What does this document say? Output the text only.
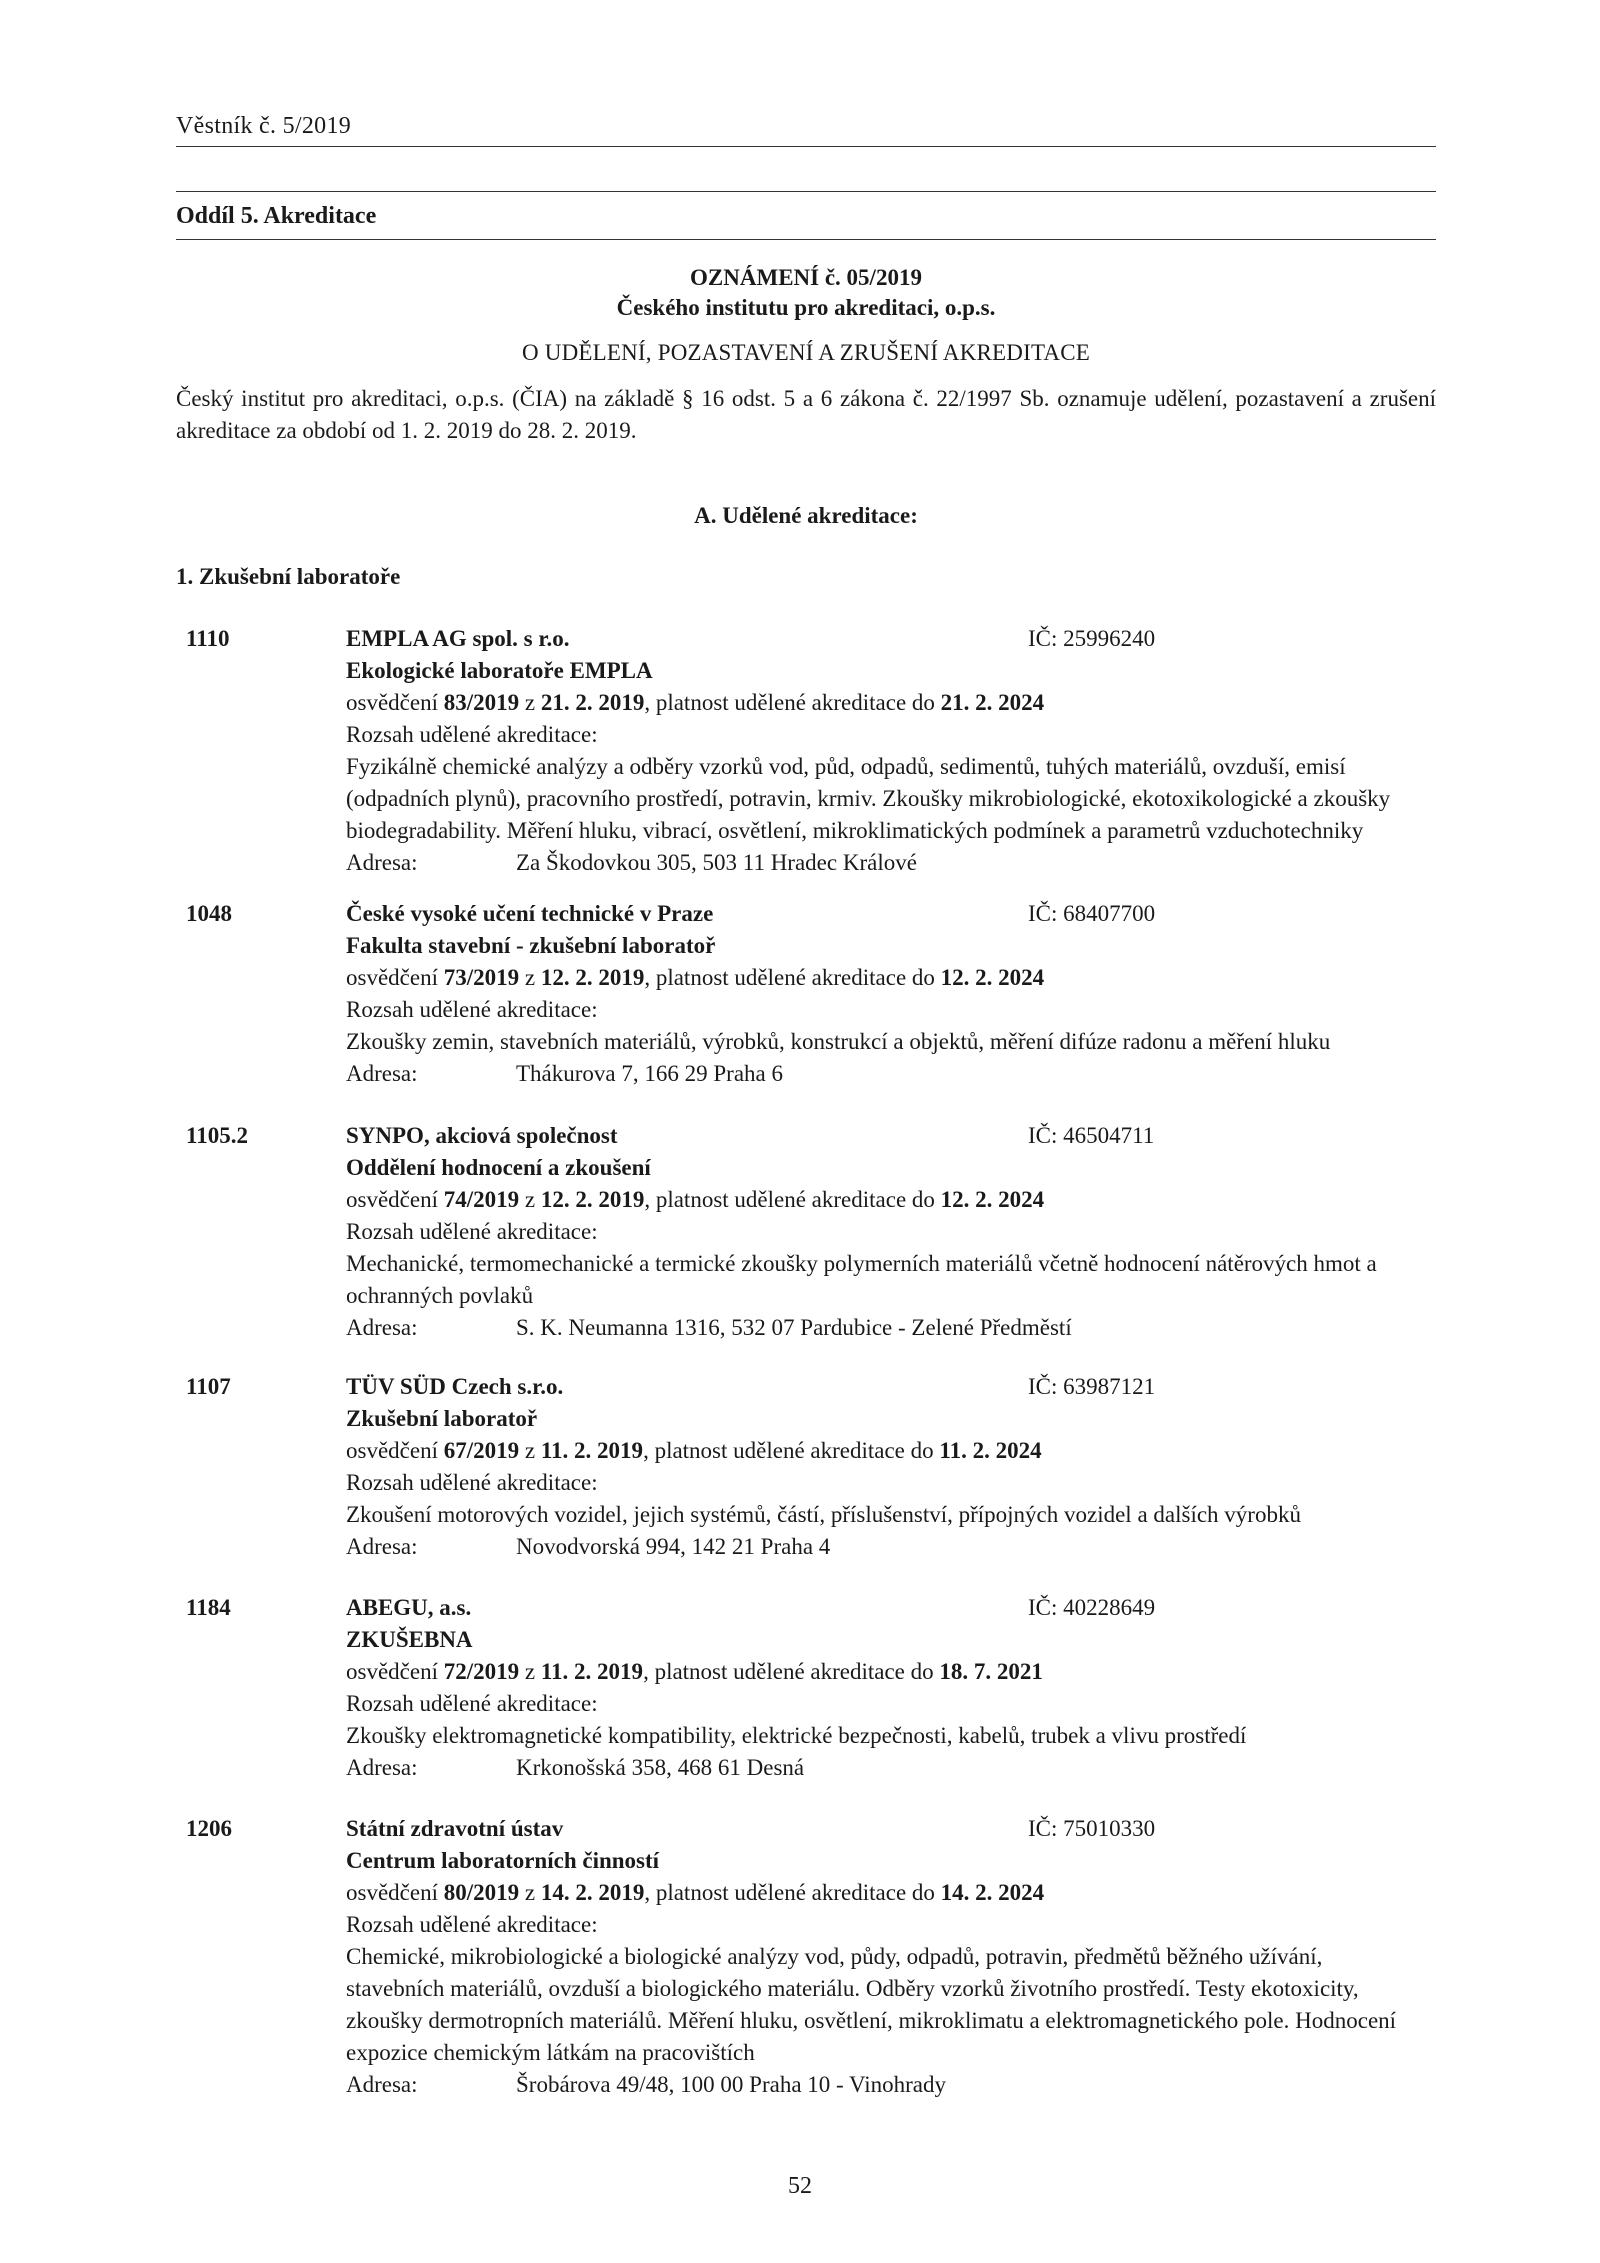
Věstník č. 5/2019
Oddíl 5. Akreditace
OZNÁMENÍ č. 05/2019
Českého institutu pro akreditaci, o.p.s.
O UDĚLENÍ, POZASTAVENÍ A ZRUŠENÍ AKREDITACE
Český institut pro akreditaci, o.p.s. (ČIA) na základě § 16 odst. 5 a 6 zákona č. 22/1997 Sb. oznamuje udělení, pozastavení a zrušení akreditace za období od 1. 2. 2019 do 28. 2. 2019.
A. Udělené akreditace:
1. Zkušební laboratoře
1110	EMPLA AG spol. s r.o.	IČ: 25996240
Ekologické laboratoře EMPLA
osvědčení 83/2019 z 21. 2. 2019, platnost udělené akreditace do 21. 2. 2024
Rozsah udělené akreditace:
Fyzikálně chemické analýzy a odběry vzorků vod, půd, odpadů, sedimentů, tuhých materiálů, ovzduší, emisí (odpadních plynů), pracovního prostředí, potravin, krmiv. Zkoušky mikrobiologické, ekotoxikologické a zkoušky biodegradability. Měření hluku, vibrací, osvětlení, mikroklimatických podmínek a parametrů vzduchotechniky
Adresa:	Za Škodovkou 305, 503 11 Hradec Králové
1048	České vysoké učení technické v Praze	IČ: 68407700
Fakulta stavební - zkušební laboratoř
osvědčení 73/2019 z 12. 2. 2019, platnost udělené akreditace do 12. 2. 2024
Rozsah udělené akreditace:
Zkoušky zemin, stavebních materiálů, výrobků, konstrukcí a objektů, měření difúze radonu a měření hluku
Adresa:	Thákurova 7, 166 29 Praha 6
1105.2	SYNPO, akciová společnost	IČ: 46504711
Oddělení hodnocení a zkoušení
osvědčení 74/2019 z 12. 2. 2019, platnost udělené akreditace do 12. 2. 2024
Rozsah udělené akreditace:
Mechanické, termomechanické a termické zkoušky polymerních materiálů včetně hodnocení nátěrových hmot a ochranných povlaků
Adresa:	S. K. Neumanna 1316, 532 07 Pardubice - Zelené Předměstí
1107	TÜV SÜD Czech s.r.o.	IČ: 63987121
Zkušební laboratoř
osvědčení 67/2019 z 11. 2. 2019, platnost udělené akreditace do 11. 2. 2024
Rozsah udělené akreditace:
Zkoušení motorových vozidel, jejich systémů, částí, příslušenství, přípojných vozidel a dalších výrobků
Adresa:	Novodvorská 994, 142 21 Praha 4
1184	ABEGU, a.s.	IČ: 40228649
ZKUŠEBNA
osvědčení 72/2019 z 11. 2. 2019, platnost udělené akreditace do 18. 7. 2021
Rozsah udělené akreditace:
Zkoušky elektromagnetické kompatibility, elektrické bezpečnosti, kabelů, trubek a vlivu prostředí
Adresa:	Krkonošská 358, 468 61 Desná
1206	Státní zdravotní ústav	IČ: 75010330
Centrum laboratorních činností
osvědčení 80/2019 z 14. 2. 2019, platnost udělené akreditace do 14. 2. 2024
Rozsah udělené akreditace:
Chemické, mikrobiologické a biologické analýzy vod, půdy, odpadů, potravin, předmětů běžného užívání, stavebních materiálů, ovzduší a biologického materiálu. Odběry vzorků životního prostředí. Testy ekotoxicity, zkoušky dermotropních materiálů. Měření hluku, osvětlení, mikroklimatu a elektromagnetického pole. Hodnocení expozice chemickým látkám na pracovištích
Adresa:	Šrobárova 49/48, 100 00 Praha 10 - Vinohrady
52
